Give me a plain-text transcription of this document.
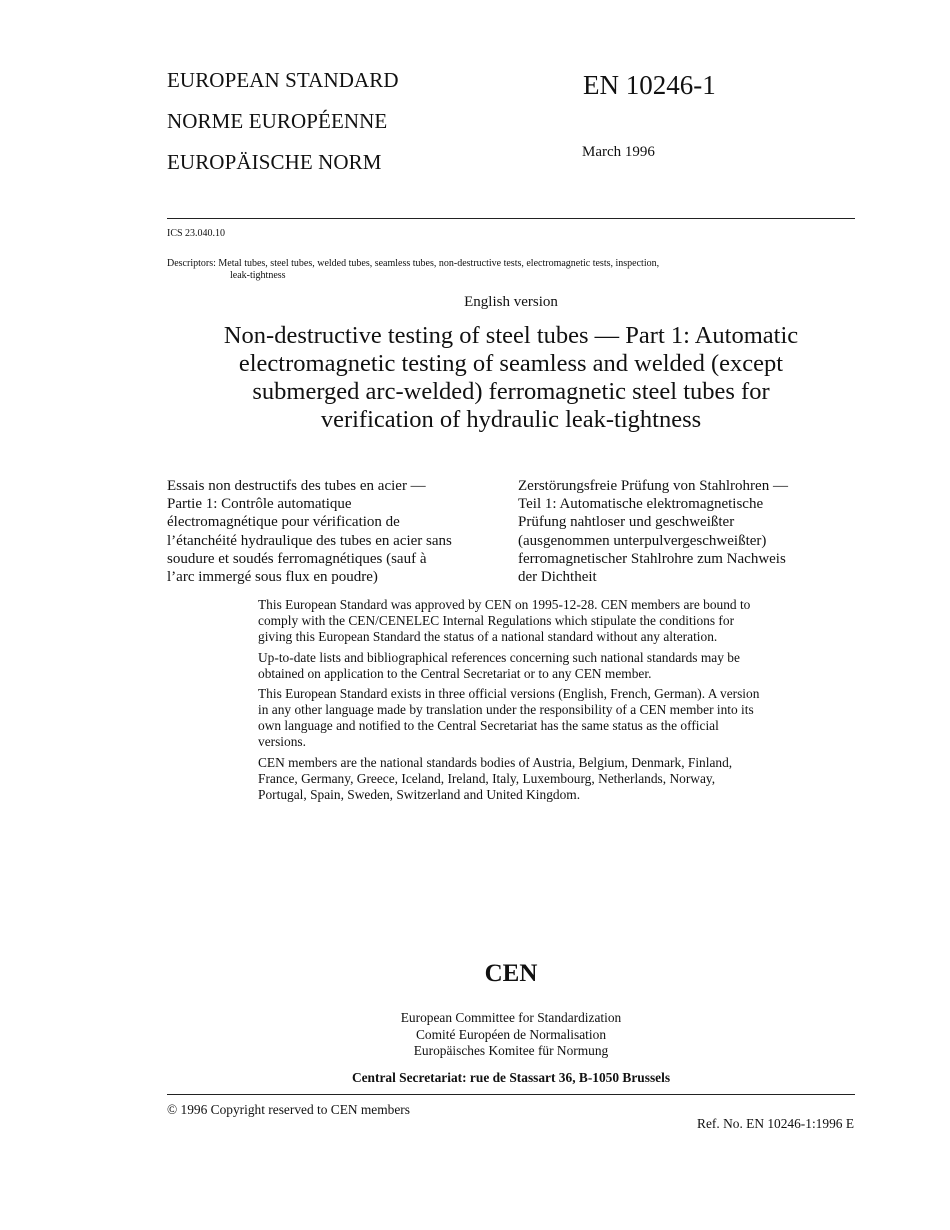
EUROPEAN STANDARD
NORME EUROPÉENNE
EUROPÄISCHE NORM
EN 10246-1
March 1996
ICS 23.040.10
Descriptors: Metal tubes, steel tubes, welded tubes, seamless tubes, non-destructive tests, electromagnetic tests, inspection,
leak-tightness
English version
Non-destructive testing of steel tubes — Part 1: Automatic
electromagnetic testing of seamless and welded (except
submerged arc-welded) ferromagnetic steel tubes for
verification of hydraulic leak-tightness
Essais non destructifs des tubes en acier —
Partie 1: Contrôle automatique
électromagnétique pour vérification de
l’étanchéité hydraulique des tubes en acier sans
soudure et soudés ferromagnétiques (sauf à
l’arc immergé sous flux en poudre)
Zerstörungsfreie Prüfung von Stahlrohren —
Teil 1: Automatische elektromagnetische
Prüfung nahtloser und geschweißter
(ausgenommen unterpulvergeschweißter)
ferromagnetischer Stahlrohre zum Nachweis
der Dichtheit

This European Standard was approved by CEN on 1995-12-28. CEN members are bound to comply with the CEN/CENELEC Internal Regulations which stipulate the conditions for giving this European Standard the status of a national standard without any alteration.

Up-to-date lists and bibliographical references concerning such national standards may be obtained on application to the Central Secretariat or to any CEN member.

This European Standard exists in three official versions (English, French, German). A version in any other language made by translation under the responsibility of a CEN member into its own language and notified to the Central Secretariat has the same status as the official versions.

CEN members are the national standards bodies of Austria, Belgium, Denmark, Finland, France, Germany, Greece, Iceland, Ireland, Italy, Luxembourg, Netherlands, Norway, Portugal, Spain, Sweden, Switzerland and United Kingdom.

CEN
European Committee for Standardization
Comité Européen de Normalisation
Europäisches Komitee für Normung
Central Secretariat: rue de Stassart 36, B-1050 Brussels
© 1996 Copyright reserved to CEN members
Ref. No. EN 10246-1:1996 E
